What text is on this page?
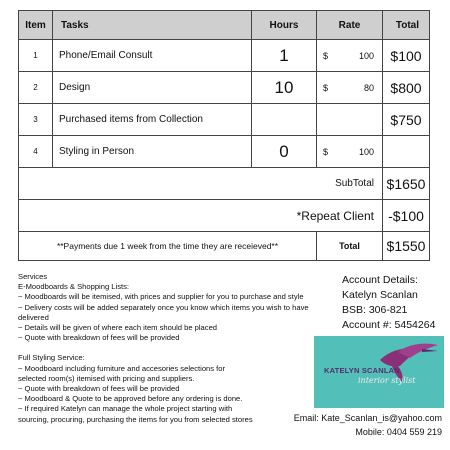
Item	Tasks	Hours	Rate	Total
1	Phone/Email Consult	1	$ 100	$100
2	Design	10	$ 80	$800
3	Purchased items from Collection			$750
4	Styling in Person	0	$ 100	

SubTotal				$1650
*Repeat Client				-$100
**Payments due 1 week from the time they are receieved**			Total	$1550

Services

E-Moodboards & Shopping Lists:

~ Moodboards will be itemised, with prices and supplier for you to purchase and style

~ Delivery costs will be added separately once you know which items you wish to have delivered

~ Details will be given of where each item should be placed

~ Quote with breakdown of fees will be provided

Full Styling Service:

~ Moodboard including furniture and accesories selections for

selected room(s) itemised with pricing and suppliers.

~ Quote with breakdown of fees will be provided

~ Moodboard & Quote to be approved before any ordering is done.

~ If required Katelyn can manage the whole project starting with

sourcing, procuring, purchasing the items for you from selected stores

Account Details:

Katelyn Scanlan

BSB: 306-821

Account #: 5454264

KATELYN SCANLAN
interior stylist

Email: Kate_Scanlan_is@yahoo.com

Mobile: 0404 559 219
